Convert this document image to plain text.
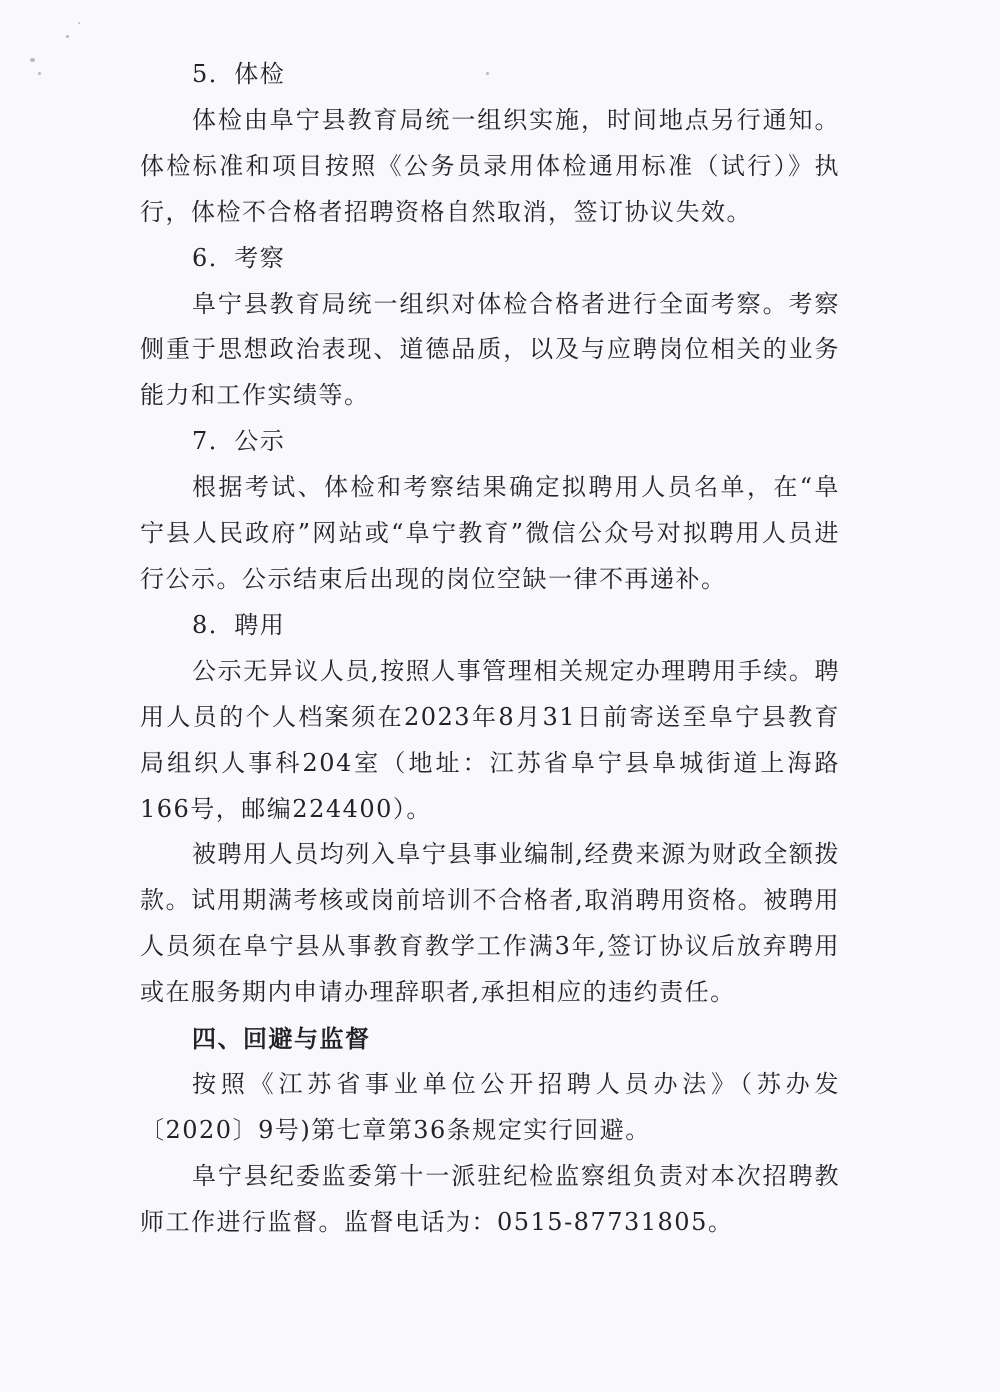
5．体检

体检由阜宁县教育局统一组织实施，时间地点另行通知。体检标准和项目按照《公务员录用体检通用标准（试行）》执行，体检不合格者招聘资格自然取消，签订协议失效。

6．考察

阜宁县教育局统一组织对体检合格者进行全面考察。考察侧重于思想政治表现、道德品质，以及与应聘岗位相关的业务能力和工作实绩等。

7．公示

根据考试、体检和考察结果确定拟聘用人员名单，在“阜宁县人民政府”网站或“阜宁教育”微信公众号对拟聘用人员进行公示。公示结束后出现的岗位空缺一律不再递补。

8．聘用

公示无异议人员,按照人事管理相关规定办理聘用手续。聘用人员的个人档案须在2023年8月31日前寄送至阜宁县教育局组织人事科204室（地址：江苏省阜宁县阜城街道上海路166号，邮编224400）。

被聘用人员均列入阜宁县事业编制,经费来源为财政全额拨款。试用期满考核或岗前培训不合格者,取消聘用资格。被聘用人员须在阜宁县从事教育教学工作满3年,签订协议后放弃聘用或在服务期内申请办理辞职者,承担相应的违约责任。

四、回避与监督

按照《江苏省事业单位公开招聘人员办法》（苏办发〔2020〕9号)第七章第36条规定实行回避。

阜宁县纪委监委第十一派驻纪检监察组负责对本次招聘教师工作进行监督。监督电话为：0515-87731805。
